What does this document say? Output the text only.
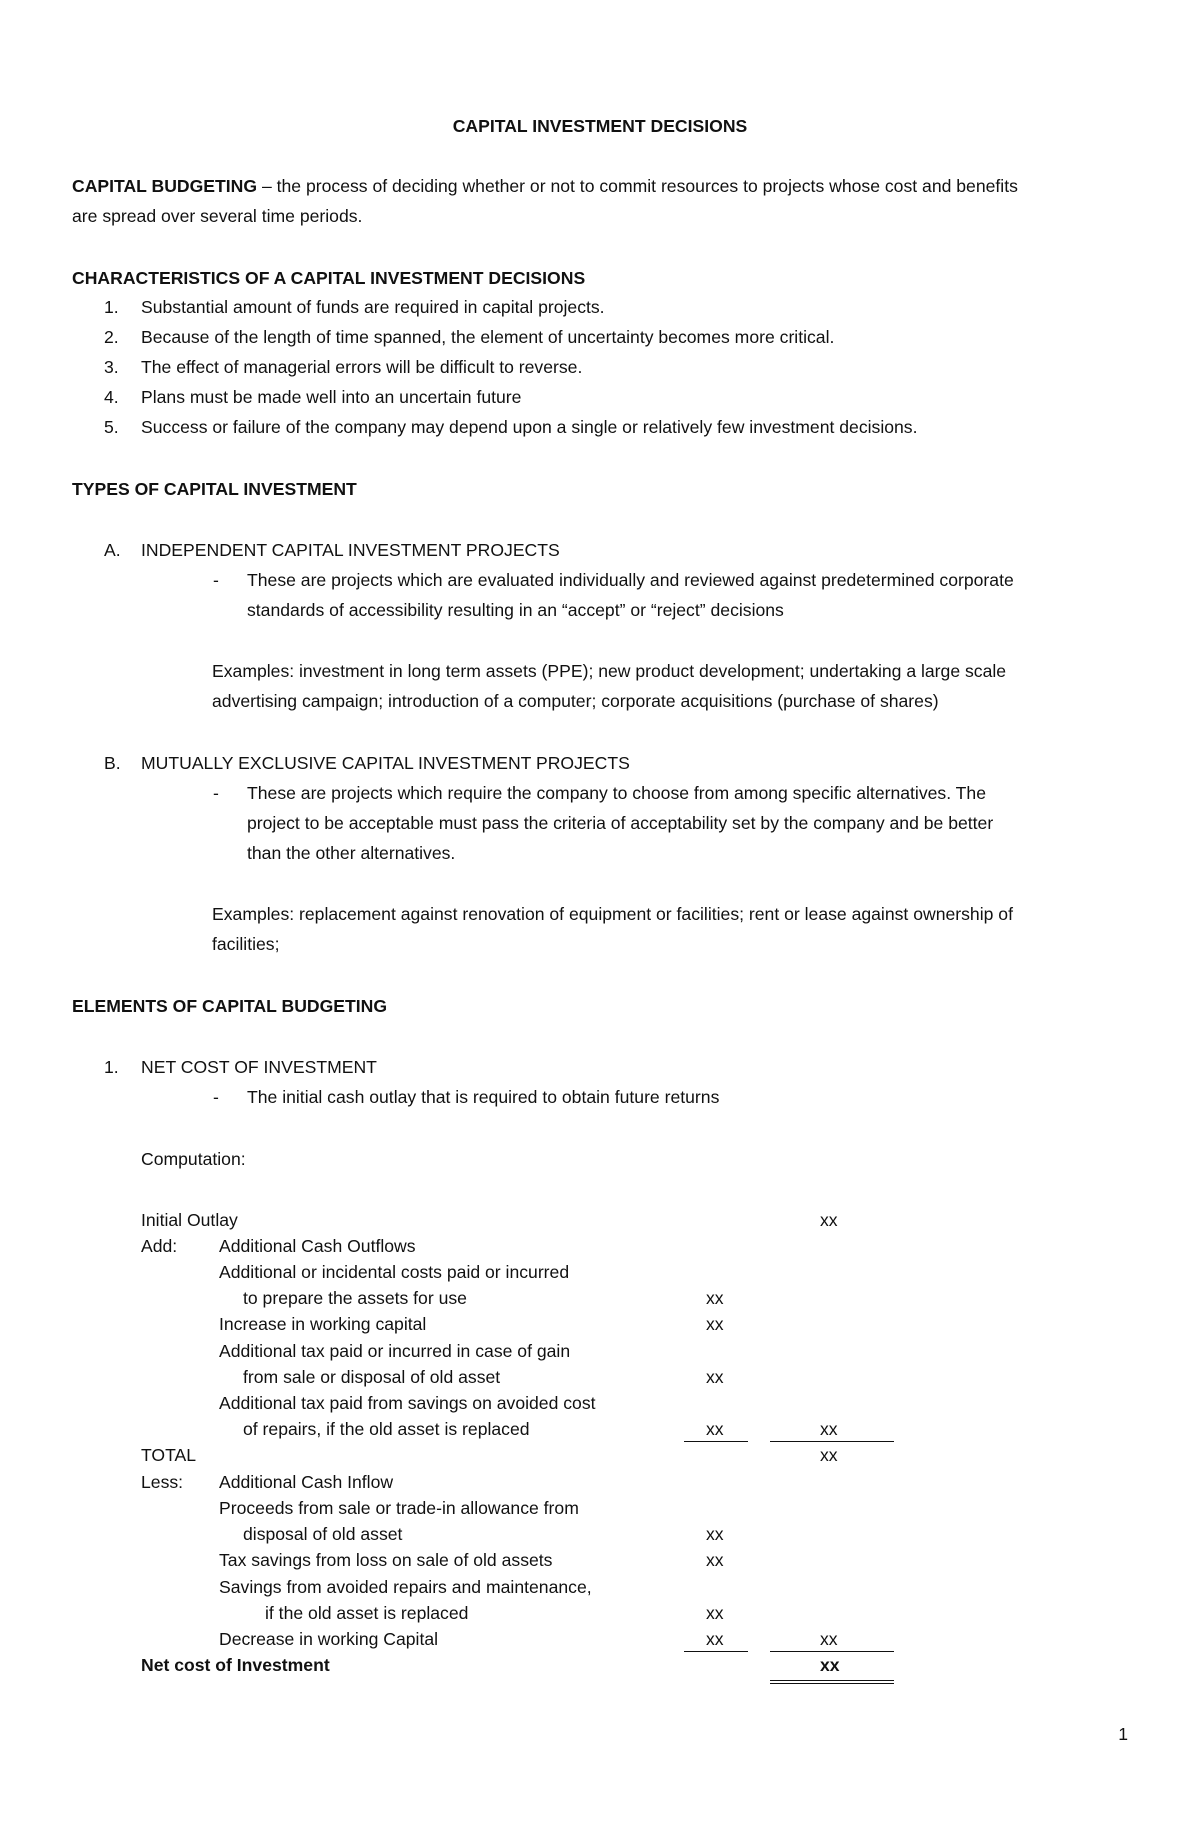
CAPITAL INVESTMENT DECISIONS
CAPITAL BUDGETING – the process of deciding whether or not to commit resources to projects whose cost and benefits
are spread over several time periods.
CHARACTERISTICS OF A CAPITAL INVESTMENT DECISIONS
1. Substantial amount of funds are required in capital projects.
2. Because of the length of time spanned, the element of uncertainty becomes more critical.
3. The effect of managerial errors will be difficult to reverse.
4. Plans must be made well into an uncertain future
5. Success or failure of the company may depend upon a single or relatively few investment decisions.
TYPES OF CAPITAL INVESTMENT
A. INDEPENDENT CAPITAL INVESTMENT PROJECTS
- These are projects which are evaluated individually and reviewed against predetermined corporate
standards of accessibility resulting in an “accept” or “reject” decisions
Examples: investment in long term assets (PPE); new product development; undertaking a large scale
advertising campaign; introduction of a computer; corporate acquisitions (purchase of shares)
B. MUTUALLY EXCLUSIVE CAPITAL INVESTMENT PROJECTS
- These are projects which require the company to choose from among specific alternatives. The
project to be acceptable must pass the criteria of acceptability set by the company and be better
than the other alternatives.
Examples: replacement against renovation of equipment or facilities; rent or lease against ownership of
facilities;
ELEMENTS OF CAPITAL BUDGETING
1. NET COST OF INVESTMENT
- The initial cash outlay that is required to obtain future returns
Computation:
Initial Outlay	xx
Add: Additional Cash Outflows
Additional or incidental costs paid or incurred
to prepare the assets for use	xx
Increase in working capital	xx
Additional tax paid or incurred in case of gain
from sale or disposal of old asset	xx
Additional tax paid from savings on avoided cost
of repairs, if the old asset is replaced	xx	xx
TOTAL	xx
Less: Additional Cash Inflow
Proceeds from sale or trade-in allowance from
disposal of old asset	xx
Tax savings from loss on sale of old assets	xx
Savings from avoided repairs and maintenance,
if the old asset is replaced	xx
Decrease in working Capital	xx	xx
Net cost of Investment	xx
1
